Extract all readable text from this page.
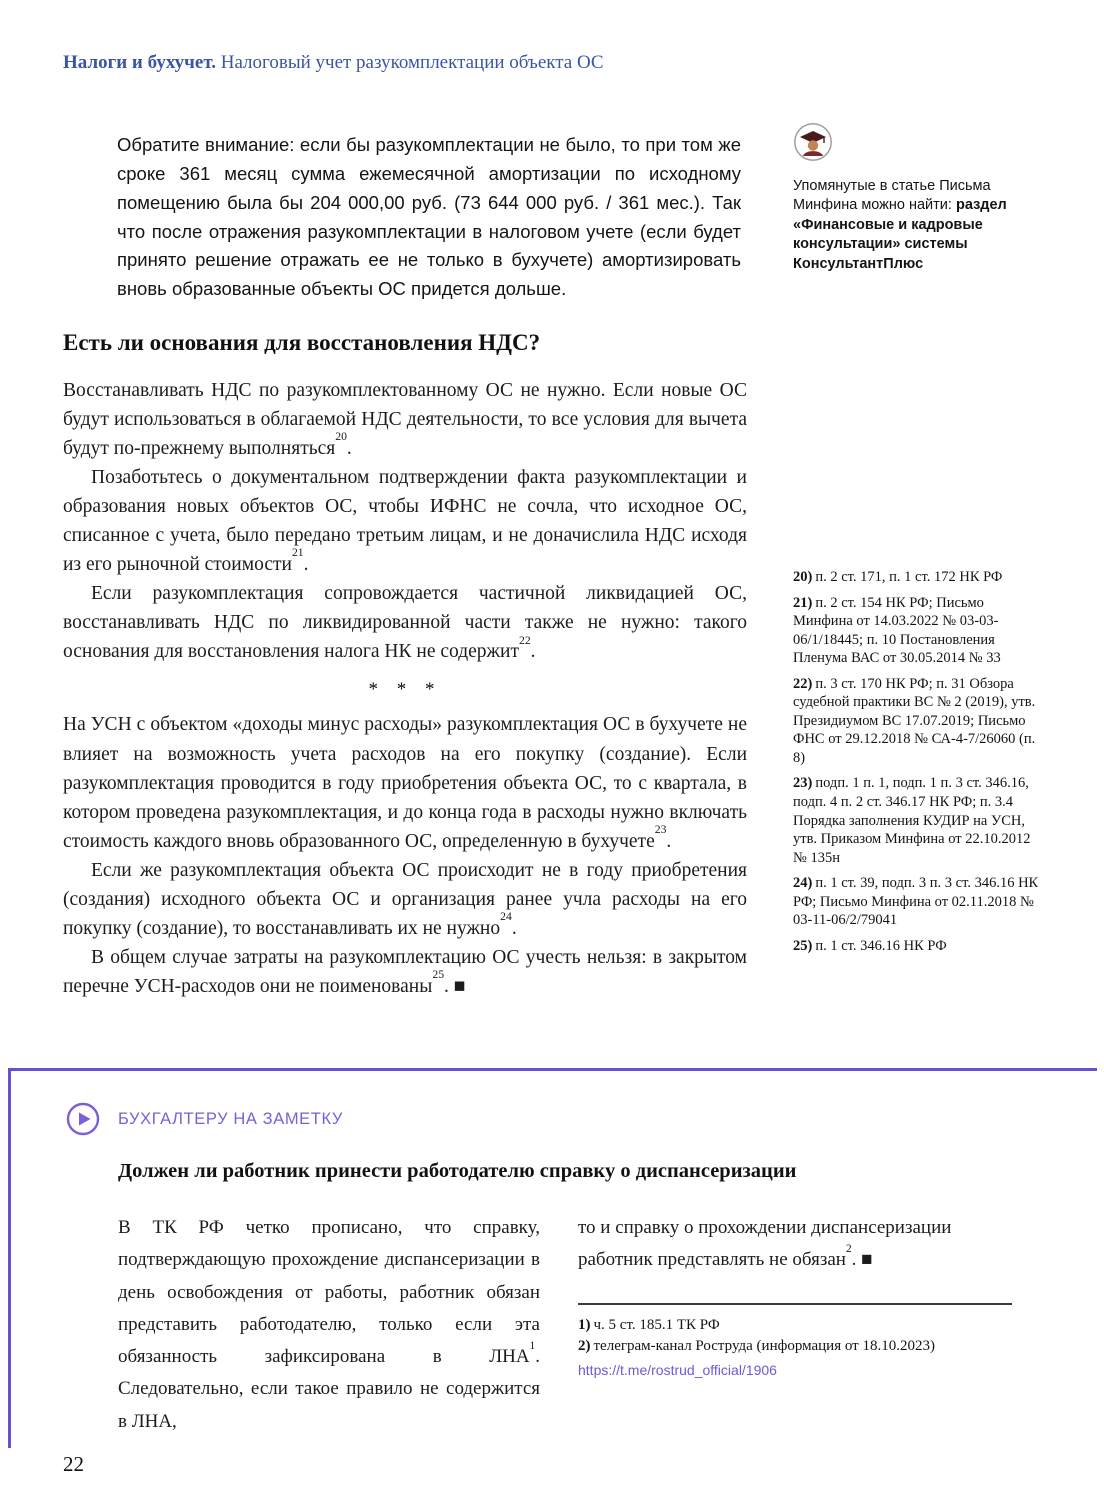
Налоги и бухучет. Налоговый учет разукомплектации объекта ОС
Обратите внимание: если бы разукомплектации не было, то при том же сроке 361 месяц сумма ежемесячной амортизации по исходному помещению была бы 204 000,00 руб. (73 644 000 руб. / 361 мес.). Так что после отражения разукомплектации в налоговом учете (если будет принято решение отражать ее не только в бухучете) амортизировать вновь образованные объекты ОС придется дольше.
Упомянутые в статье Письма Минфина можно найти: раздел «Финансовые и кадровые консультации» системы КонсультантПлюс
Есть ли основания для восстановления НДС?

Восстанавливать НДС по разукомплектованному ОС не нужно. Если новые ОС будут использоваться в облагаемой НДС деятельности, то все условия для вычета будут по-прежнему выполняться$^{20}$.

Позаботьтесь о документальном подтверждении факта разукомплектации и образования новых объектов ОС, чтобы ИФНС не сочла, что исходное ОС, списанное с учета, было передано третьим лицам, и не доначислила НДС исходя из его рыночной стоимости$^{21}$.

Если разукомплектация сопровождается частичной ликвидацией ОС, восстанавливать НДС по ликвидированной части также не нужно: такого основания для восстановления налога НК не содержит$^{22}$.

* * *

На УСН с объектом «доходы минус расходы» разукомплектация ОС в бухучете не влияет на возможность учета расходов на его покупку (создание). Если разукомплектация проводится в году приобретения объекта ОС, то с квартала, в котором проведена разукомплектация, и до конца года в расходы нужно включать стоимость каждого вновь образованного ОС, определенную в бухучете$^{23}$.

Если же разукомплектация объекта ОС происходит не в году приобретения (создания) исходного объекта ОС и организация ранее учла расходы на его покупку (создание), то восстанавливать их не нужно$^{24}$.

В общем случае затраты на разукомплектацию ОС учесть нельзя: в закрытом перечне УСН-расходов они не поименованы$^{25}$. ■

20) п. 2 ст. 171, п. 1 ст. 172 НК РФ
21) п. 2 ст. 154 НК РФ; Письмо Минфина от 14.03.2022 № 03-03-06/1/18445; п. 10 Постановления Пленума ВАС от 30.05.2014 № 33
22) п. 3 ст. 170 НК РФ; п. 31 Обзора судебной практики ВС № 2 (2019), утв. Президиумом ВС 17.07.2019; Письмо ФНС от 29.12.2018 № СА-4-7/26060 (п. 8)
23) подп. 1 п. 1, подп. 1 п. 3 ст. 346.16, подп. 4 п. 2 ст. 346.17 НК РФ; п. 3.4 Порядка заполнения КУДИР на УСН, утв. Приказом Минфина от 22.10.2012 № 135н
24) п. 1 ст. 39, подп. 3 п. 3 ст. 346.16 НК РФ; Письмо Минфина от 02.11.2018 № 03-11-06/2/79041
25) п. 1 ст. 346.16 НК РФ
БУХГАЛТЕРУ НА ЗАМЕТКУ
Должен ли работник принести работодателю справку о диспансеризации
В ТК РФ четко прописано, что справку, подтверждающую прохождение диспансеризации в день освобождения от работы, работник обязан представить работодателю, только если эта обязанность зафиксирована в ЛНА$^1$. Следовательно, если такое правило не содержится в ЛНА,

то и справку о прохождении диспансеризации работник представлять не обязан$^2$. ■

1) ч. 5 ст. 185.1 ТК РФ
2) телеграм-канал Роструда (информация от 18.10.2023)
https://t.me/rostrud_official/1906
22
